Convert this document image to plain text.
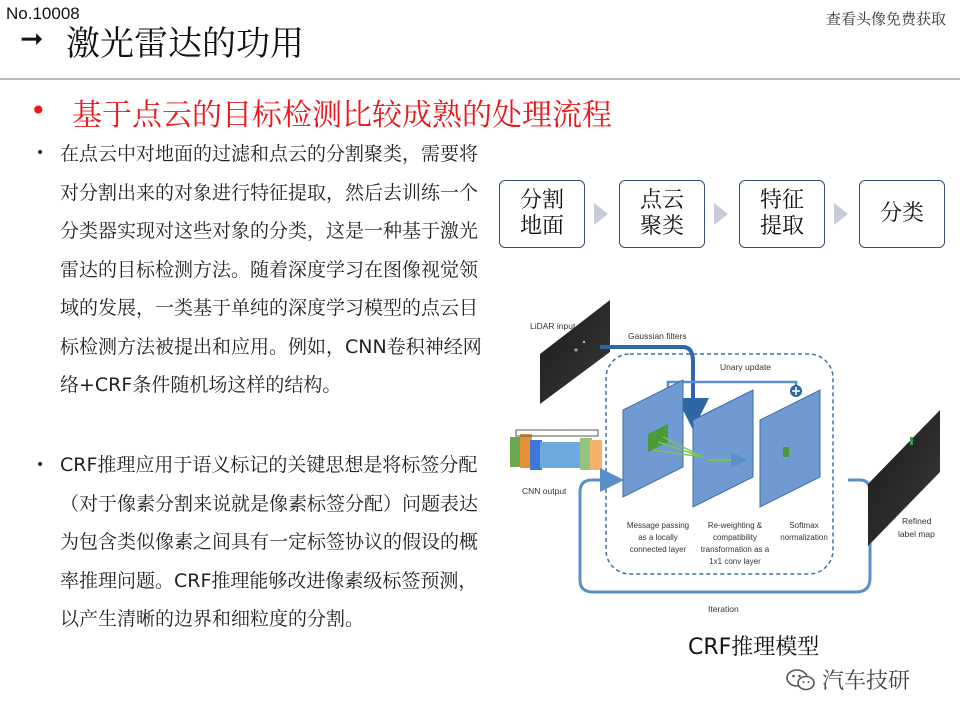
No.10008	查看头像免费获取
➞ 激光雷达的功用
• 基于点云的目标检测比较成熟的处理流程
• 在点云中对地面的过滤和点云的分割聚类，需要将对分割出来的对象进行特征提取，然后去训练一个分类器实现对这些对象的分类，这是一种基于激光雷达的目标检测方法。随着深度学习在图像视觉领域的发展，一类基于单纯的深度学习模型的点云目标检测方法被提出和应用。例如，CNN卷积神经网络+CRF条件随机场这样的结构。
• CRF推理应用于语义标记的关键思想是将标签分配（对于像素分割来说就是像素标签分配）问题表达为包含类似像素之间具有一定标签协议的假设的概率推理问题。CRF推理能够改进像素级标签预测，以产生清晰的边界和细粒度的分割。
分割地面
点云聚类
特征提取
分类
LiDAR input
Gaussian filters
Unary update
CNN output
Iteration
Refined
label map
Message passing
as a locally
connected layer
Re-weighting &
compatibility
transformation as a
1x1 conv layer
Softmax
normalization
CRF推理模型
汽车技研
